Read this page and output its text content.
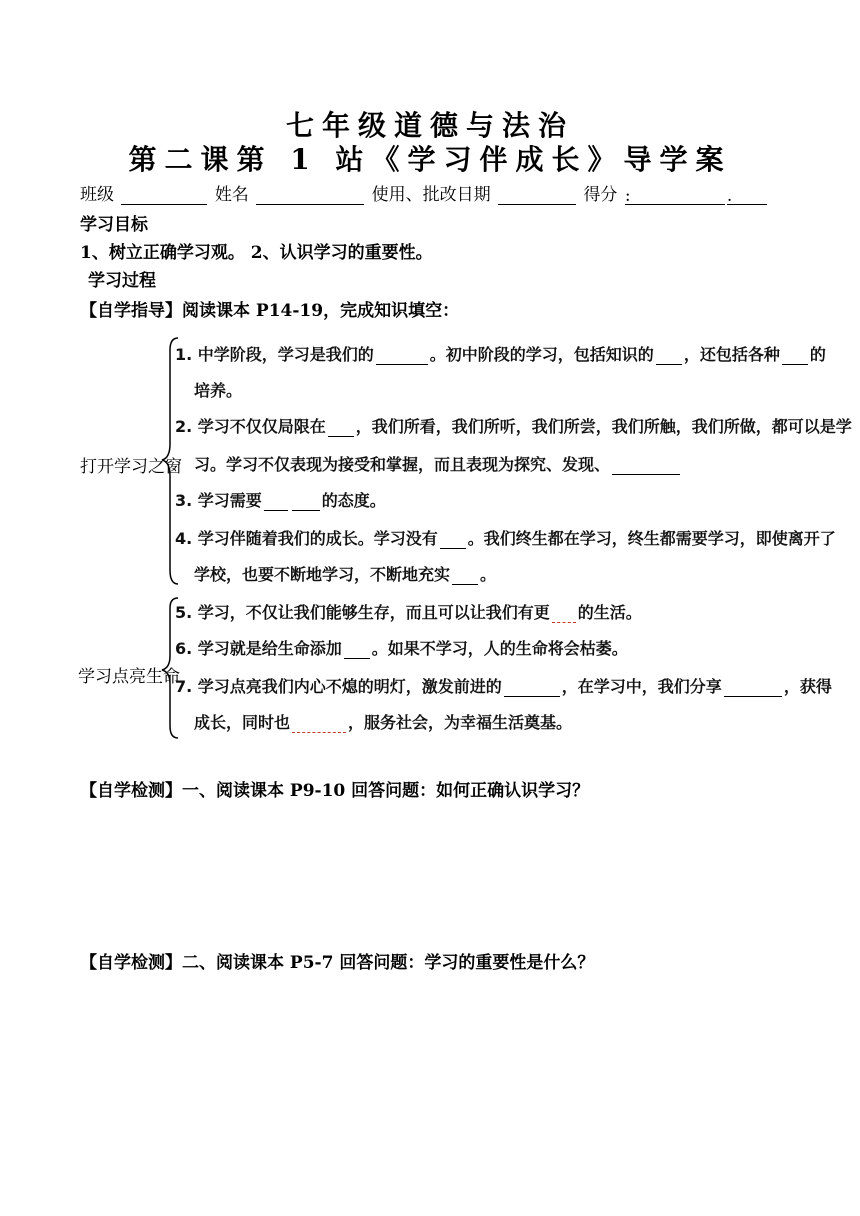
七年级道德与法治
第二课第 1 站《学习伴成长》导学案
班级	姓名	使用、批改日期	得分 :	.
学习目标
1、树立正确学习观。 2、认识学习的重要性。
学习过程
【自学指导】阅读课本 P14-19，完成知识填空：
打开学习之窗
学习点亮生命
1. 中学阶段，学习是我们的	。初中阶段的学习，包括知识的 ，还包括各种 的
培养。
2. 学习不仅仅局限在 ，我们所看，我们所听，我们所尝，我们所触，我们所做，都可以是学
习。学习不仅表现为接受和掌握，而且表现为探究、发现、
3. 学习需要	的态度。
4. 学习伴随着我们的成长。学习没有 。我们终生都在学习，终生都需要学习，即使离开了
学校，也要不断地学习，不断地充实 。
5. 学习，不仅让我们能够生存，而且可以让我们有更 的生活。
6. 学习就是给生命添加 。如果不学习，人的生命将会枯萎。
7. 学习点亮我们内心不熄的明灯，激发前进的	，在学习中，我们分享	，获得
成长，同时也	，服务社会，为幸福生活奠基。
【自学检测】一、阅读课本 P9-10 回答问题：如何正确认识学习？
【自学检测】二、阅读课本 P5-7 回答问题：学习的重要性是什么？
